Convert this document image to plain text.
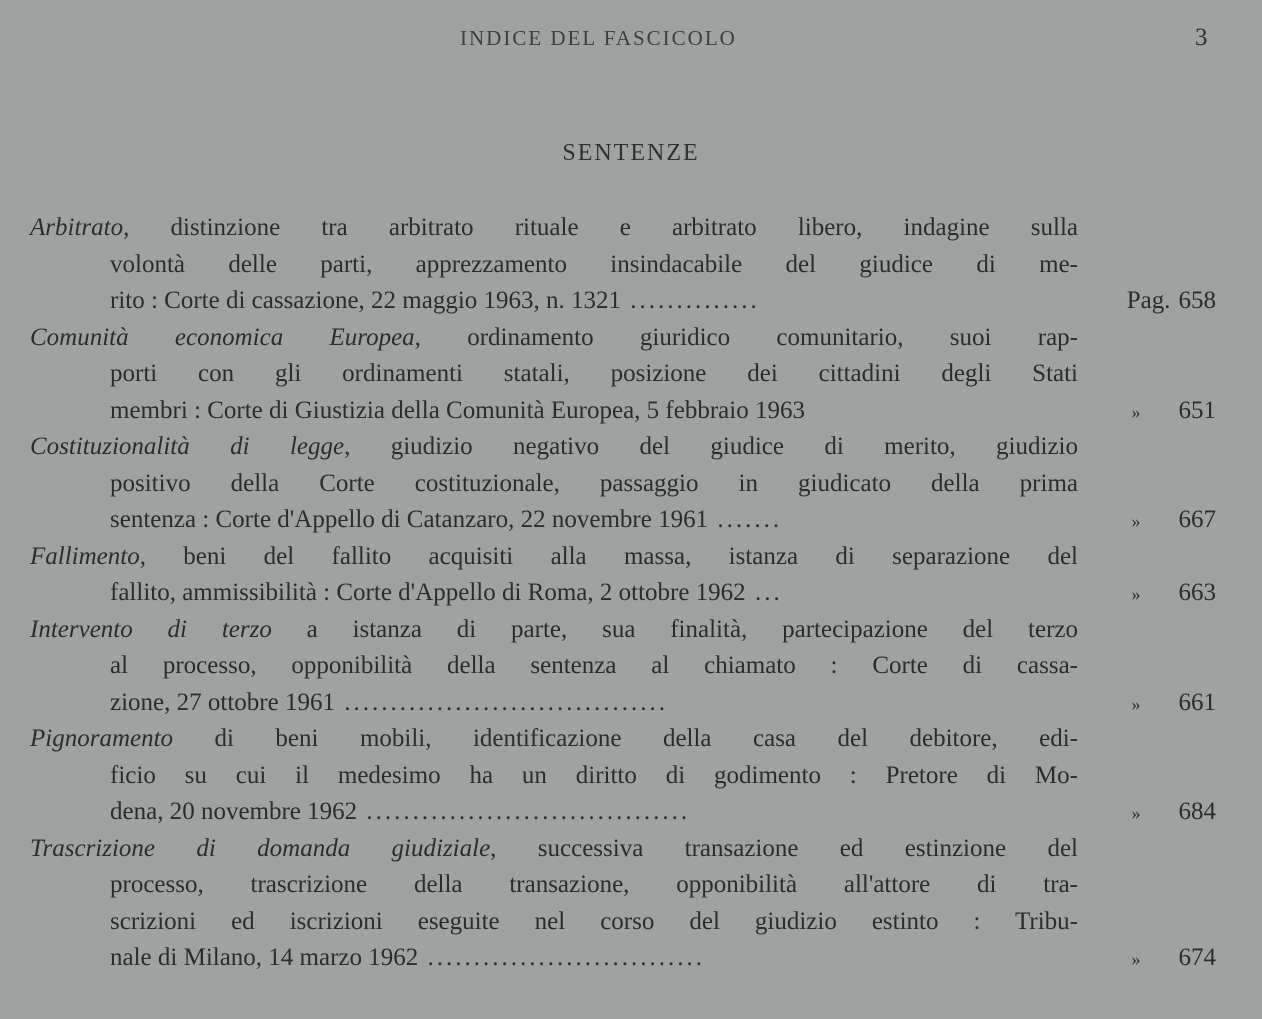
INDICE DEL FASCICOLO	3
SENTENZE
Arbitrato, distinzione tra arbitrato rituale e arbitrato libero, indagine sulla
volontà delle parti, apprezzamento insindacabile del giudice di me-
rito : Corte di cassazione, 22 maggio 1963, n. 1321 ..............	Pag. 658
Comunità economica Europea, ordinamento giuridico comunitario, suoi rap-
porti con gli ordinamenti statali, posizione dei cittadini degli Stati
membri : Corte di Giustizia della Comunità Europea, 5 febbraio 1963	» 651
Costituzionalità di legge, giudizio negativo del giudice di merito, giudizio
positivo della Corte costituzionale, passaggio in giudicato della prima
sentenza : Corte d'Appello di Catanzaro, 22 novembre 1961 .......	» 667
Fallimento, beni del fallito acquisiti alla massa, istanza di separazione del
fallito, ammissibilità : Corte d'Appello di Roma, 2 ottobre 1962 ...	» 663
Intervento di terzo a istanza di parte, sua finalità, partecipazione del terzo
al processo, opponibilità della sentenza al chiamato : Corte di cassa-
zione, 27 ottobre 1961 ...................................	» 661
Pignoramento di beni mobili, identificazione della casa del debitore, edi-
ficio su cui il medesimo ha un diritto di godimento : Pretore di Mo-
dena, 20 novembre 1962 ...................................	» 684
Trascrizione di domanda giudiziale, successiva transazione ed estinzione del
processo, trascrizione della transazione, opponibilità all'attore di tra-
scrizioni ed iscrizioni eseguite nel corso del giudizio estinto : Tribu-
nale di Milano, 14 marzo 1962 ..............................	» 674
